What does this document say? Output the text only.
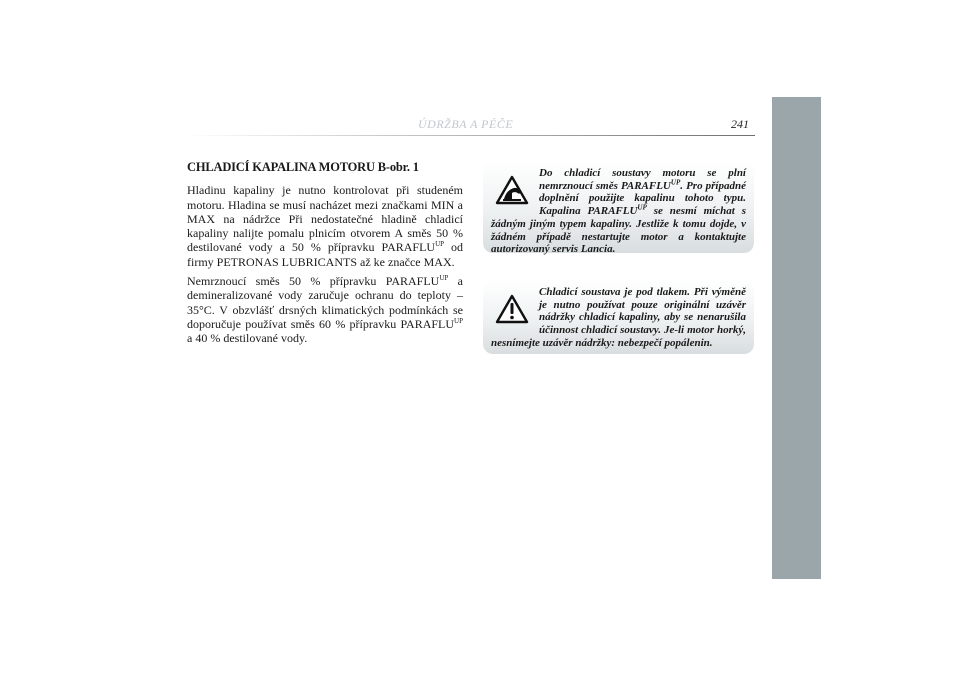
ÚDRŽBA A PÉČE	241
CHLADICÍ KAPALINA MOTORU B-obr. 1

Hladinu kapaliny je nutno kontrolovat při studeném motoru. Hladina se musí nacházet mezi značkami MIN a MAX na nádržce Při nedostatečné hladině chladicí kapaliny nalijte pomalu plnicím otvorem A směs 50 % destilované vody a 50 % přípravku $PARAFLU^{UP}$ od firmy PETRONAS LUBRICANTS až ke značce MAX.

Nemrznoucí směs 50 % přípravku $PARAFLU^{UP}$ a demineralizované vody zaručuje ochranu do teploty –35°C. V obzvlášť drsných klimatických podmínkách se doporučuje používat směs 60 % přípravku $PARAFLU^{UP}$ a 40 % destilované vody.

Do chladicí soustavy motoru se plní nemrznoucí směs $PARAFLU^{UP}$. Pro případné doplnění použijte kapalinu tohoto typu. Kapalina $PARAFLU^{UP}$ se nesmí míchat s žádným jiným typem kapaliny. Jestliže k tomu dojde, v žádném případě nestartujte motor a kontaktujte autorizovaný servis Lancia.
Chladicí soustava je pod tlakem. Při výměně je nutno používat pouze originální uzávěr nádržky chladicí kapaliny, aby se nenarušila účinnost chladicí soustavy. Je-li motor horký, nesnímejte uzávěr nádržky: nebezpečí popálenin.
